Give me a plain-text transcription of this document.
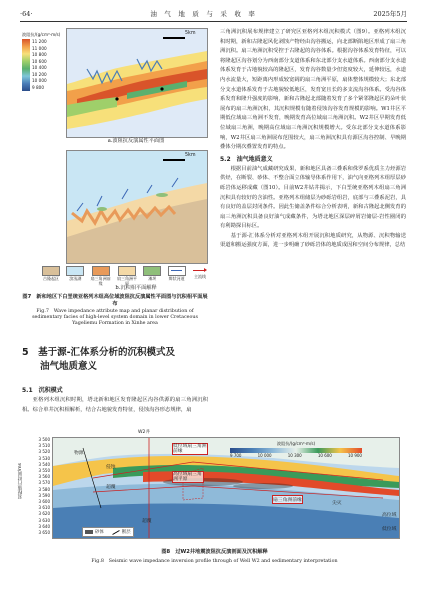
·64·	油　气　地　质　与　采　收　率	2025年5月
5km
波阻抗/(g/cm³·m/s)
11 200
11 000
10 800
10 600
10 400
10 200
10 000
9 800
a.波阻抗反演属性平面图
5km
古隆起区	滨浅湖	扇三角洲前缘
扇三角洲平原
滩坝	辫状河道	主流线
b.沉积相平面解释
图7　新和地区下白垩统亚格列木组高位域波阻抗反演属性平面图与沉积相平面展布
Fig.7　Wave impedance attribute map and planar distribution of sedimentary facies of high-level system domain in lower Cretaceous Yageliemu Formation in Xinhe area
5　基于源-汇体系分析的沉积模式及
油气地质意义
5.1　沉积模式
亚格列木组沉积时期，塔北新和地区发育隆起区沟谷供源的扇三角洲沉积相。综合单井沉积相解析，结合古地貌发育特征，侵蚀沟谷形态规律，扇
三角洲沉积展布规律建立了研究区亚格列木组沉积模式（图9）。亚格列木组沉积时期，新和古隆起风化剥蚀产物经由沟谷搬运，向北部断陷地区形成了扇三角洲沉积。扇三角洲沉积受控于古隆起的沟谷体系。根据沟谷体系发育特征，可以将隆起区沟谷划分为西南部分支道体系和东北部分支水道体系。西南部分支水道体系发育于古地貌较高的隆起区，发育沟谷数量少但宽度较大，延伸较远，水道内水流量大，短距离内形成较宽阔的扇三角洲平原，扇体整体规模较大；东北部分支水道体系发育于古地貌较低地区，发育宽且长的多支流沟谷体系。受沟谷体系发育和隆升强度的影响，新和古隆起北部随着发育了多个紧邻隆起区的朵叶状展布的扇三角洲沉积，其沉积规模有随着侵蚀沟谷发育规模的影响。W1井区平期低位域扇三角洲不发育，晚期发育高位域扇三角洲沉积。W2井区早期发育低位域扇三角洲，晚期高位域扇三角洲沉积规模增大。受东北部分支水道体系影响，W2井区扇三角洲展布范围较大，扇三角洲沉积具有源区沟谷控制、早晚期叠体分期次叠置发育的特点。
5.2　油气地质意义
根据目前油气成藏研究成果，新和地区具备三叠系和侏罗系优质主力烃源岩供烃，在断裂、砂体、不整合面立体输导体系作用下，油气向亚格列木组厚层砂砾岩体运移成藏（图10）。目前W2井钻井揭示，下白垩统亚格列木组扇三角洲沉积具有较好的含油性。亚格列木组储层为砂砾岩组岩，底部与三叠系泥岩，具有良好的盖层封闭条件。因此生储盖条件综合分析表明，新和古隆起北侧发育的扇三角洲沉积具备良好油气成藏条件，为塔北地区深层碎屑岩储层-岩性圈闭的有利勘探目标区。
基于源-汇体系分析对亚格列木组开展沉积地质研究，从物源、沉积物输送渠道和搬运强度方面，进一步明确了砂砾岩体的地质成因和空间分布规律，总结
双程旅行时间/ms
3 500
3 510
3 520
3 530
3 540
3 550
3 560
3 570
3 580
3 590
3 600
3 610
3 620
3 630
3 640
3 650
W2井
物源
低位域扇三角洲前缘
高位域扇三角洲平原
扇三角洲前缘
超覆
超覆
侵蚀
尖灭
高位域
低位域
波阻抗/(g/cm³·m/s)
9 700	10 000	10 300	10 600	10 900
砂体	断层
图8　过W2井地震波阻抗反演剖面及沉积解释
Fig.8　Seismic wave impedance inversion profile through of Well W2 and sedimentary interpretation
